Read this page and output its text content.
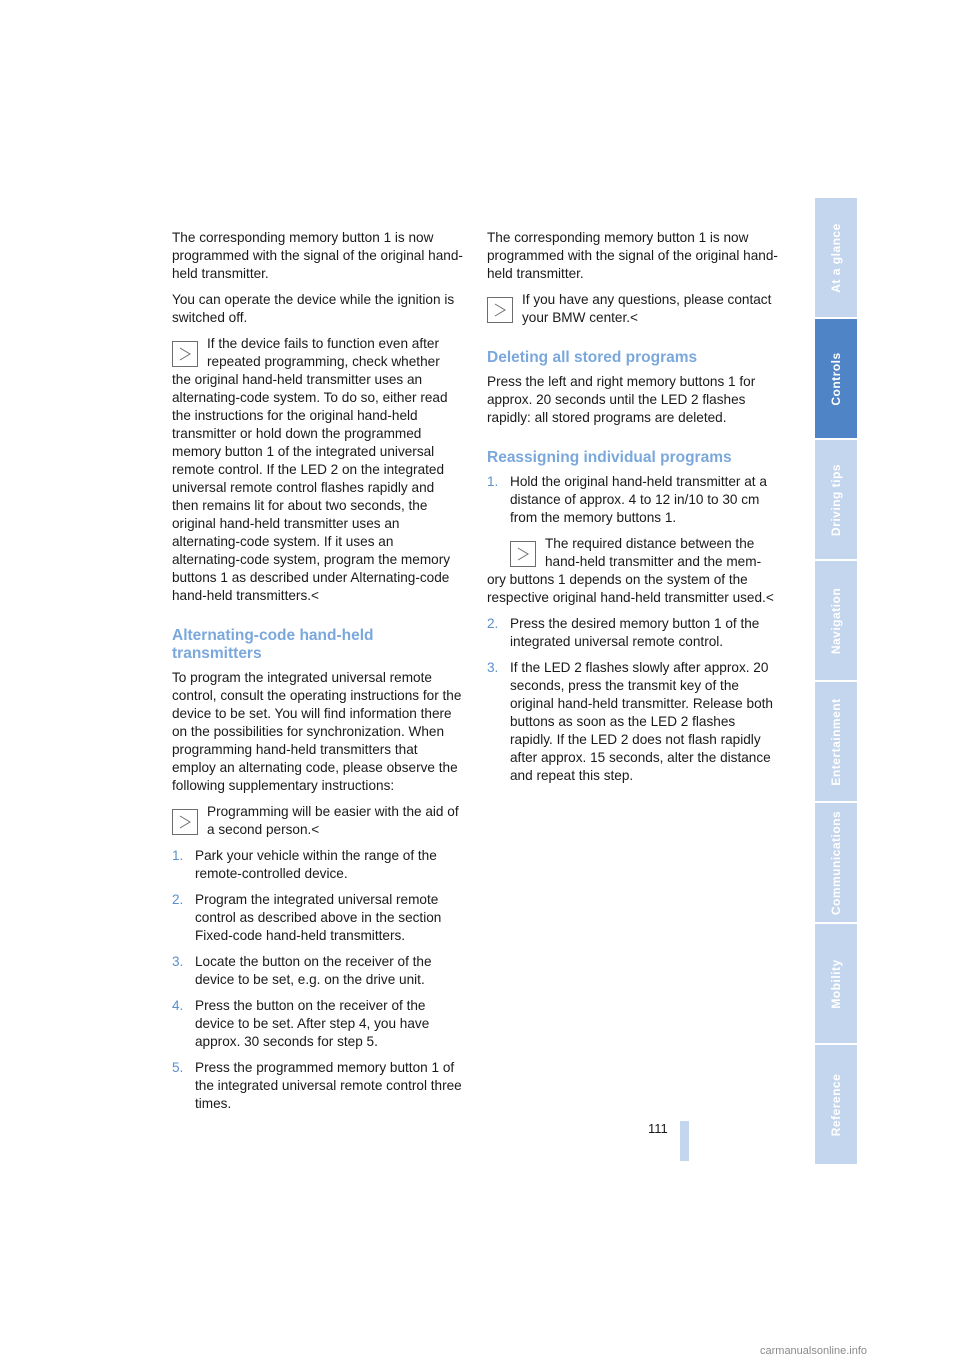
The corresponding memory button 1 is now programmed with the signal of the original hand-held transmitter.

You can operate the device while the ignition is switched off.

If the device fails to function even after repeated programming, check whether
the original hand-held transmitter uses an alternating-code system. To do so, either read the instructions for the original hand-held transmitter or hold down the programmed memory button 1 of the integrated universal remote control. If the LED 2 on the integrated universal remote control flashes rapidly and then remains lit for about two seconds, the original hand-held transmitter uses an alternating-code system. If it uses an alternating-code system, program the memory buttons 1 as described under Alternating-code hand-held transmitters.<
Alternating-code hand-held transmitters

To program the integrated universal remote control, consult the operating instructions for the device to be set. You will find information there on the possibilities for synchronization. When programming hand-held transmitters that employ an alternating code, please observe the following supplementary instructions:

Programming will be easier with the aid of a second person.<
1. Park your vehicle within the range of the remote-controlled device.
2. Program the integrated universal remote control as described above in the section Fixed-code hand-held transmitters.
3. Locate the button on the receiver of the device to be set, e.g. on the drive unit.
4. Press the button on the receiver of the device to be set. After step 4, you have approx. 30 seconds for step 5.
5. Press the programmed memory button 1 of the integrated universal remote control three times.

The corresponding memory button 1 is now programmed with the signal of the original hand-held transmitter.

If you have any questions, please contact your BMW center.<
Deleting all stored programs

Press the left and right memory buttons 1 for approx. 20 seconds until the LED 2 flashes rapidly: all stored programs are deleted.

Reassigning individual programs
1. Hold the original hand-held transmitter at a distance of approx. 4 to 12 in/10 to 30 cm from the memory buttons 1.
The required distance between the hand-held transmitter and the mem-
ory buttons 1 depends on the system of the respective original hand-held transmitter used.<
2. Press the desired memory button 1 of the integrated universal remote control.
3. If the LED 2 flashes slowly after approx. 20 seconds, press the transmit key of the original hand-held transmitter. Release both buttons as soon as the LED 2 flashes rapidly. If the LED 2 does not flash rapidly after approx. 15 seconds, alter the distance and repeat this step.
At a glance
Controls
Driving tips
Navigation
Entertainment
Communications
Mobility
Reference
111
carmanualsonline.info
